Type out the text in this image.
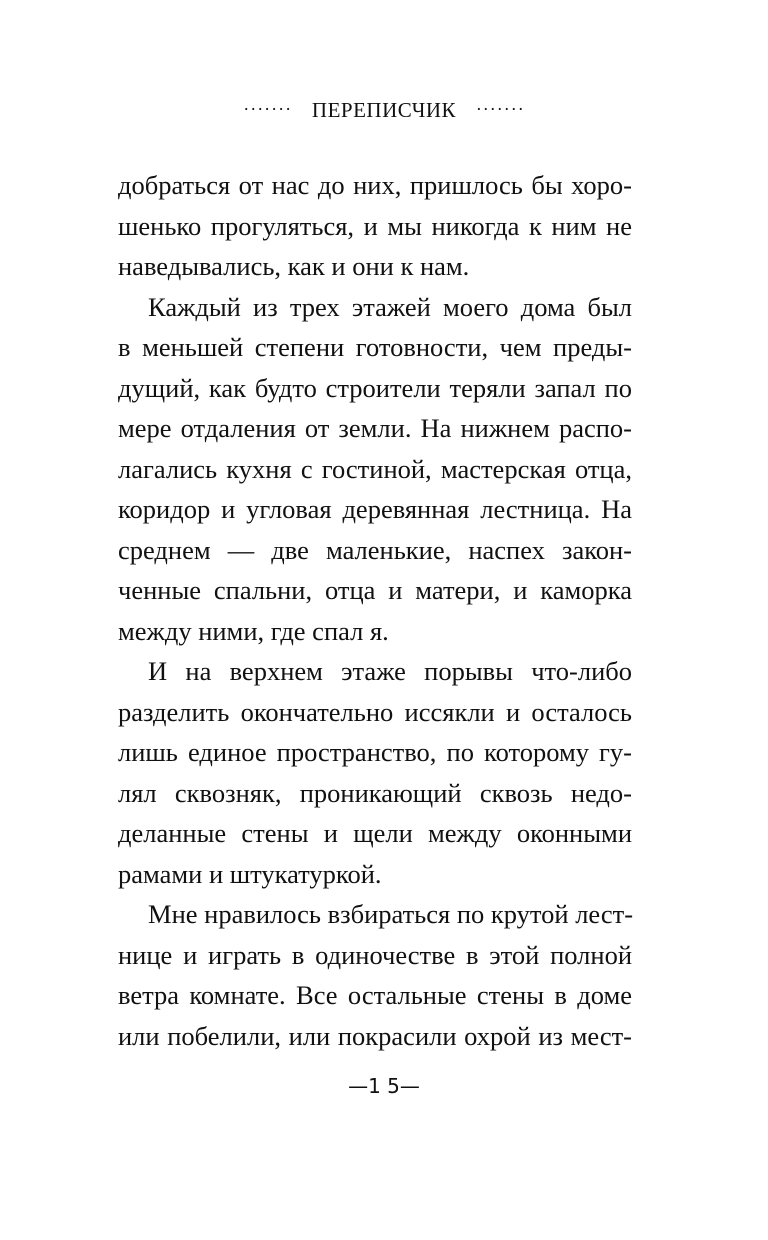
······· ПЕРЕПИСЧИК ·······
добраться от нас до них, пришлось бы хоро-
шенько прогуляться, и мы никогда к ним не
наведывались, как и они к нам.
Каждый из трех этажей моего дома был
в меньшей степени готовности, чем преды-
дущий, как будто строители теряли запал по
мере отдаления от земли. На нижнем распо-
лагались кухня с гостиной, мастерская отца,
коридор и угловая деревянная лестница. На
среднем — две маленькие, наспех закон-
ченные спальни, отца и матери, и каморка
между ними, где спал я.
И на верхнем этаже порывы что-либо
разделить окончательно иссякли и осталось
лишь единое пространство, по которому гу-
лял сквозняк, проникающий сквозь недо-
деланные стены и щели между оконными
рамами и штукатуркой.
Мне нравилось взбираться по крутой лест-
нице и играть в одиночестве в этой полной
ветра комнате. Все остальные стены в доме
или побелили, или покрасили охрой из мест-
—1 5—
